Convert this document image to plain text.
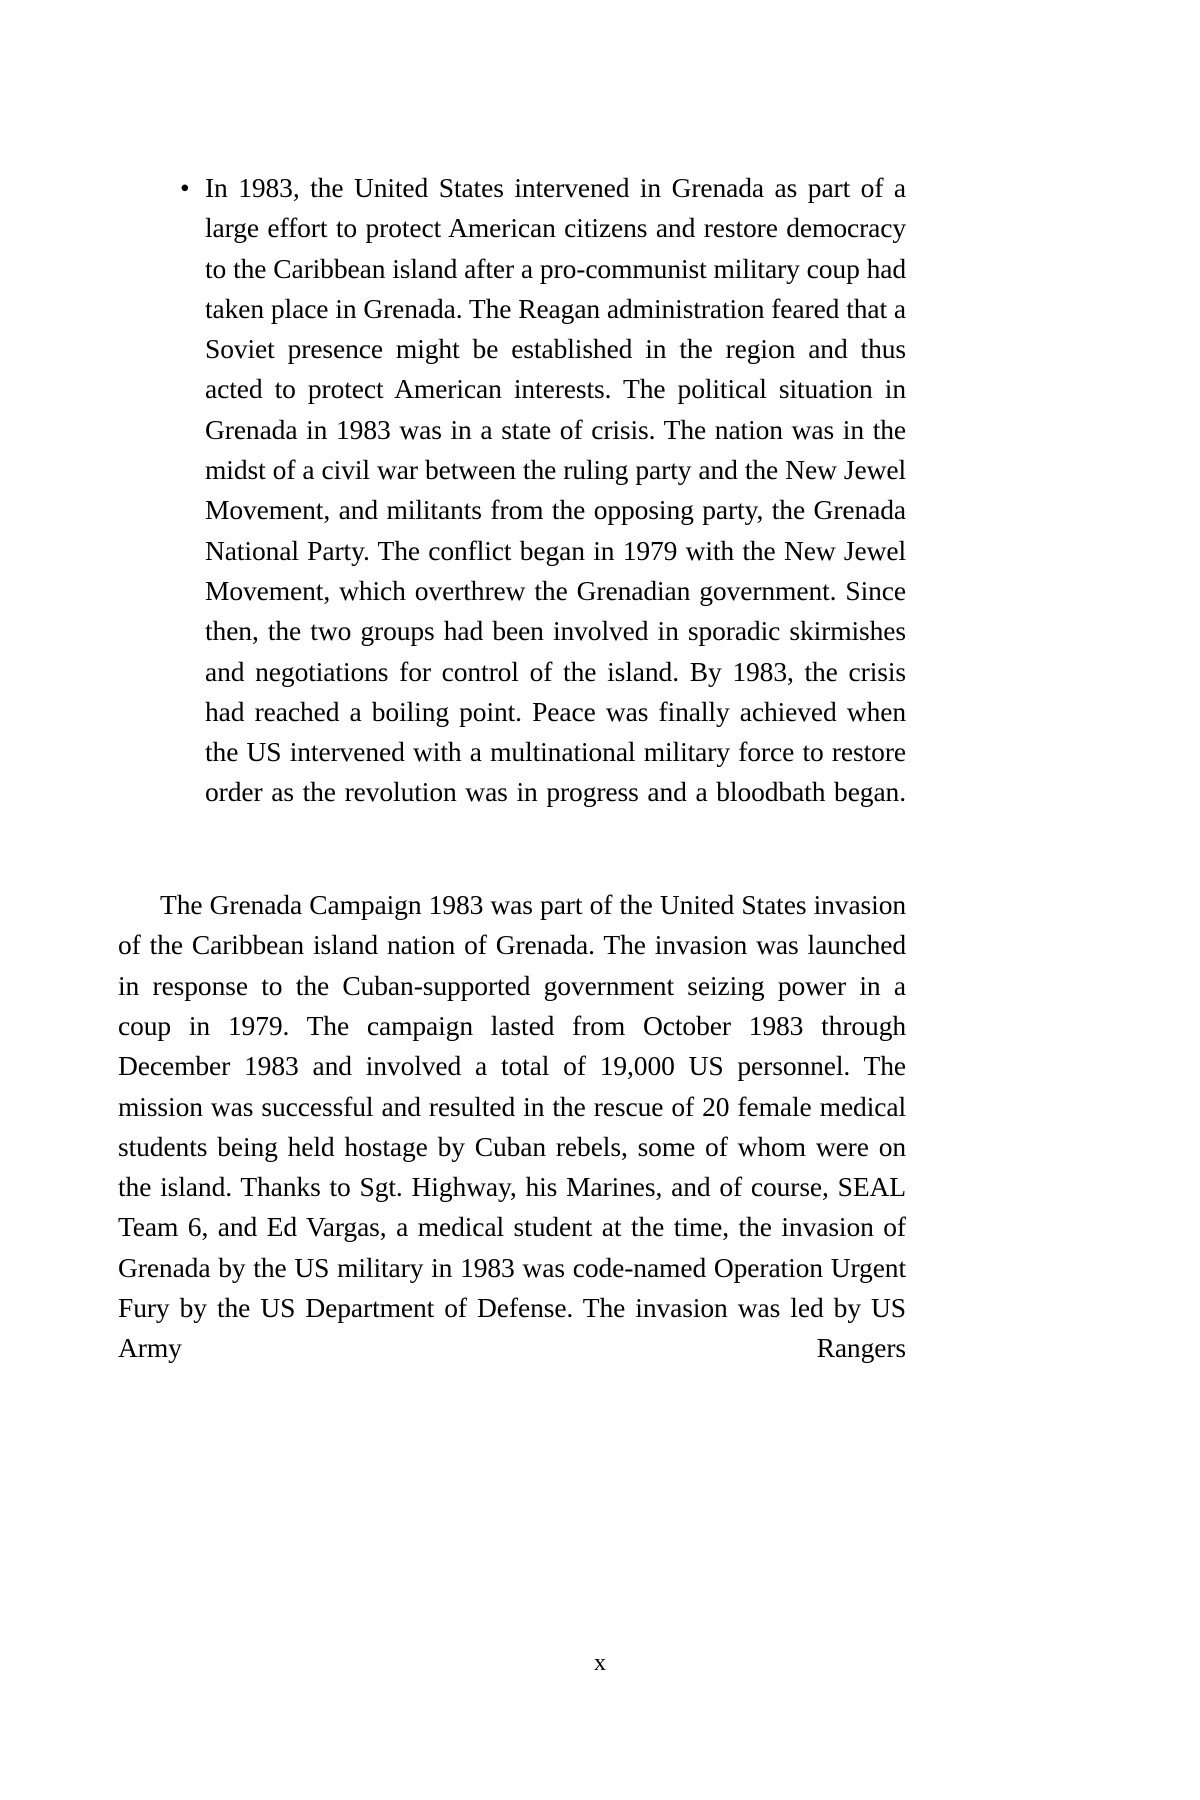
• In 1983, the United States intervened in Grenada as part of a large effort to protect American citizens and restore democracy to the Caribbean island after a pro-communist military coup had taken place in Grenada. The Reagan administration feared that a Soviet presence might be established in the region and thus acted to protect American interests. The political situation in Grenada in 1983 was in a state of crisis. The nation was in the midst of a civil war between the ruling party and the New Jewel Movement, and militants from the opposing party, the Grenada National Party. The conflict began in 1979 with the New Jewel Movement, which overthrew the Grenadian government. Since then, the two groups had been involved in sporadic skirmishes and negotiations for control of the island. By 1983, the crisis had reached a boiling point. Peace was finally achieved when the US intervened with a multinational military force to restore order as the revolution was in progress and a bloodbath began.

The Grenada Campaign 1983 was part of the United States invasion of the Caribbean island nation of Grenada. The invasion was launched in response to the Cuban-supported government seizing power in a coup in 1979. The campaign lasted from October 1983 through December 1983 and involved a total of 19,000 US personnel. The mission was successful and resulted in the rescue of 20 female medical students being held hostage by Cuban rebels, some of whom were on the island. Thanks to Sgt. Highway, his Marines, and of course, SEAL Team 6, and Ed Vargas, a medical student at the time, the invasion of Grenada by the US military in 1983 was code-named Operation Urgent Fury by the US Department of Defense. The invasion was led by US Army Rangers

x
